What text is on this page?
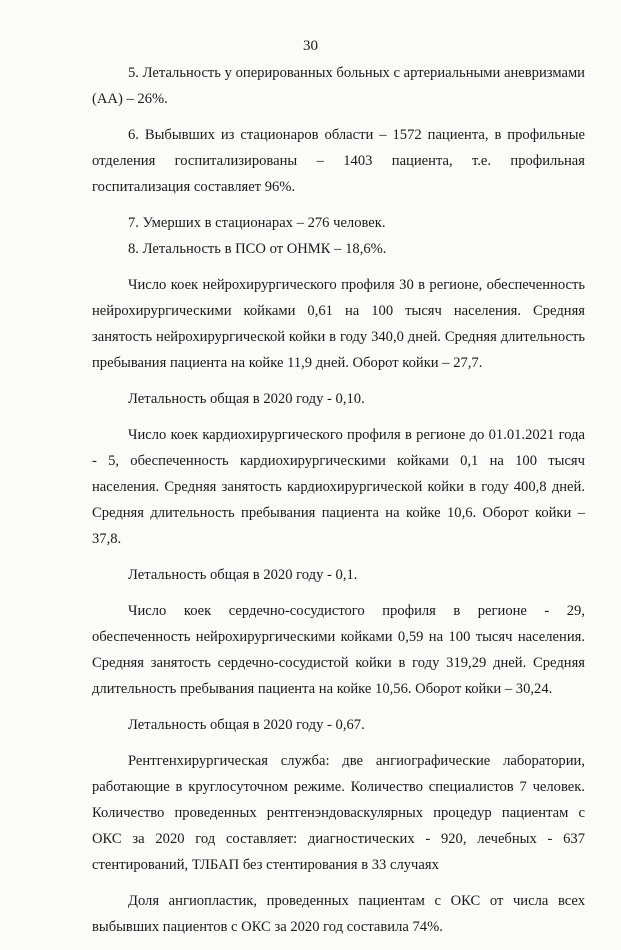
30

5. Летальность у оперированных больных с артериальными аневризмами (АА) – 26%.

6. Выбывших из стационаров области – 1572 пациента, в профильные отделения госпитализированы – 1403 пациента, т.е. профильная госпитализация составляет 96%.

7. Умерших в стационарах – 276 человек.

8. Летальность в ПСО от ОНМК – 18,6%.

Число коек нейрохирургического профиля 30 в регионе, обеспеченность нейрохирургическими койками 0,61 на 100 тысяч населения. Средняя занятость нейрохирургической койки в году 340,0 дней. Средняя длительность пребывания пациента на койке 11,9 дней. Оборот койки – 27,7.

Летальность общая в 2020 году - 0,10.

Число коек кардиохирургического профиля в регионе до 01.01.2021 года - 5, обеспеченность кардиохирургическими койками 0,1 на 100 тысяч населения. Средняя занятость кардиохирургической койки в году 400,8 дней. Средняя длительность пребывания пациента на койке 10,6. Оборот койки – 37,8.

Летальность общая в 2020 году - 0,1.

Число коек сердечно-сосудистого профиля в регионе - 29, обеспеченность нейрохирургическими койками 0,59 на 100 тысяч населения. Средняя занятость сердечно-сосудистой койки в году 319,29 дней. Средняя длительность пребывания пациента на койке 10,56. Оборот койки – 30,24.

Летальность общая в 2020 году - 0,67.

Рентгенхирургическая служба: две ангиографические лаборатории, работающие в круглосуточном режиме. Количество специалистов 7 человек. Количество проведенных рентгенэндоваскулярных процедур пациентам с ОКС за 2020 год составляет: диагностических - 920, лечебных - 637 стентирований, ТЛБАП без стентирования в 33 случаях

Доля ангиопластик, проведенных пациентам с ОКС от числа всех выбывших пациентов с ОКС за 2020 год составила 74%.
